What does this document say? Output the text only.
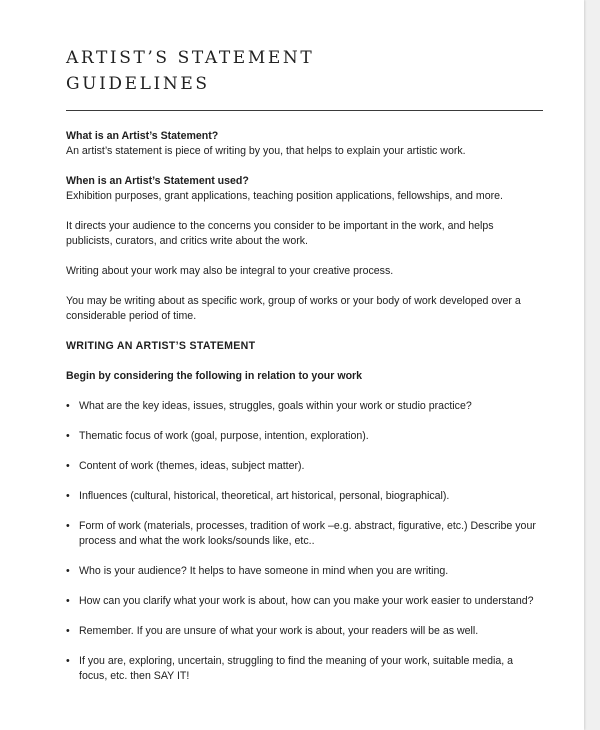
ARTIST’S STATEMENT
GUIDELINES

What is an Artist’s Statement?
An artist’s statement is piece of writing by you, that helps to explain your artistic work.

When is an Artist’s Statement used?
Exhibition purposes, grant applications, teaching position applications, fellowships, and more.

It directs your audience to the concerns you consider to be important in the work, and helps publicists, curators, and critics write about the work.

Writing about your work may also be integral to your creative process.

You may be writing about as specific work, group of works or your body of work developed over a considerable period of time.

WRITING AN ARTIST’S STATEMENT

Begin by considering the following in relation to your work

• What are the key ideas, issues, struggles, goals within your work or studio practice?
• Thematic focus of work (goal, purpose, intention, exploration).
• Content of work (themes, ideas, subject matter).
• Influences (cultural, historical, theoretical, art historical, personal, biographical).
• Form of work (materials, processes, tradition of work –e.g. abstract, figurative, etc.) Describe your process and what the work looks/sounds like, etc..
• Who is your audience? It helps to have someone in mind when you are writing.
• How can you clarify what your work is about, how can you make your work easier to understand?
• Remember. If you are unsure of what your work is about, your readers will be as well.
• If you are, exploring, uncertain, struggling to find the meaning of your work, suitable media, a focus, etc. then SAY IT!
